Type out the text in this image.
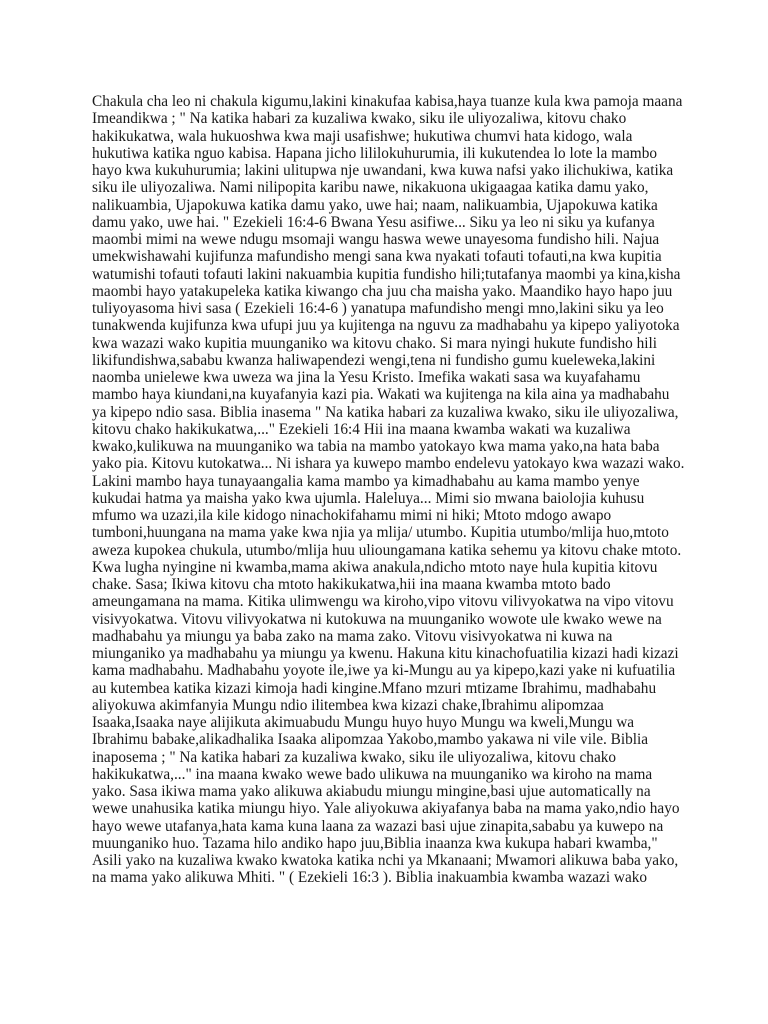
Chakula cha leo ni chakula kigumu,lakini kinakufaa kabisa,haya tuanze kula kwa pamoja maana
Imeandikwa ; " Na katika habari za kuzaliwa kwako, siku ile uliyozaliwa, kitovu chako
hakikukatwa, wala hukuoshwa kwa maji usafishwe; hukutiwa chumvi hata kidogo, wala
hukutiwa katika nguo kabisa. Hapana jicho lililokuhurumia, ili kukutendea lo lote la mambo
hayo kwa kukuhurumia; lakini ulitupwa nje uwandani, kwa kuwa nafsi yako ilichukiwa, katika
siku ile uliyozaliwa. Nami nilipopita karibu nawe, nikakuona ukigaagaa katika damu yako,
nalikuambia, Ujapokuwa katika damu yako, uwe hai; naam, nalikuambia, Ujapokuwa katika
damu yako, uwe hai. " Ezekieli 16:4-6 Bwana Yesu asifiwe... Siku ya leo ni siku ya kufanya
maombi mimi na wewe ndugu msomaji wangu haswa wewe unayesoma fundisho hili. Najua
umekwishawahi kujifunza mafundisho mengi sana kwa nyakati tofauti tofauti,na kwa kupitia
watumishi tofauti tofauti lakini nakuambia kupitia fundisho hili;tutafanya maombi ya kina,kisha
maombi hayo yatakupeleka katika kiwango cha juu cha maisha yako. Maandiko hayo hapo juu
tuliyoyasoma hivi sasa ( Ezekieli 16:4-6 ) yanatupa mafundisho mengi mno,lakini siku ya leo
tunakwenda kujifunza kwa ufupi juu ya kujitenga na nguvu za madhabahu ya kipepo yaliyotoka
kwa wazazi wako kupitia muunganiko wa kitovu chako. Si mara nyingi hukute fundisho hili
likifundishwa,sababu kwanza haliwapendezi wengi,tena ni fundisho gumu kueleweka,lakini
naomba unielewe kwa uweza wa jina la Yesu Kristo. Imefika wakati sasa wa kuyafahamu
mambo haya kiundani,na kuyafanyia kazi pia. Wakati wa kujitenga na kila aina ya madhabahu
ya kipepo ndio sasa. Biblia inasema " Na katika habari za kuzaliwa kwako, siku ile uliyozaliwa,
kitovu chako hakikukatwa,..." Ezekieli 16:4 Hii ina maana kwamba wakati wa kuzaliwa
kwako,kulikuwa na muunganiko wa tabia na mambo yatokayo kwa mama yako,na hata baba
yako pia. Kitovu kutokatwa... Ni ishara ya kuwepo mambo endelevu yatokayo kwa wazazi wako.
Lakini mambo haya tunayaangalia kama mambo ya kimadhabahu au kama mambo yenye
kukudai hatma ya maisha yako kwa ujumla. Haleluya... Mimi sio mwana baiolojia kuhusu
mfumo wa uzazi,ila kile kidogo ninachokifahamu mimi ni hiki; Mtoto mdogo awapo
tumboni,huungana na mama yake kwa njia ya mlija/ utumbo. Kupitia utumbo/mlija huo,mtoto
aweza kupokea chukula, utumbo/mlija huu ulioungamana katika sehemu ya kitovu chake mtoto.
Kwa lugha nyingine ni kwamba,mama akiwa anakula,ndicho mtoto naye hula kupitia kitovu
chake. Sasa; Ikiwa kitovu cha mtoto hakikukatwa,hii ina maana kwamba mtoto bado
ameungamana na mama. Kitika ulimwengu wa kiroho,vipo vitovu vilivyokatwa na vipo vitovu
visivyokatwa. Vitovu vilivyokatwa ni kutokuwa na muunganiko wowote ule kwako wewe na
madhabahu ya miungu ya baba zako na mama zako. Vitovu visivyokatwa ni kuwa na
miunganiko ya madhabahu ya miungu ya kwenu. Hakuna kitu kinachofuatilia kizazi hadi kizazi
kama madhabahu. Madhabahu yoyote ile,iwe ya ki-Mungu au ya kipepo,kazi yake ni kufuatilia
au kutembea katika kizazi kimoja hadi kingine.Mfano mzuri mtizame Ibrahimu, madhabahu
aliyokuwa akimfanyia Mungu ndio ilitembea kwa kizazi chake,Ibrahimu alipomzaa
Isaaka,Isaaka naye alijikuta akimuabudu Mungu huyo huyo Mungu wa kweli,Mungu wa
Ibrahimu babake,alikadhalika Isaaka alipomzaa Yakobo,mambo yakawa ni vile vile. Biblia
inaposema ; " Na katika habari za kuzaliwa kwako, siku ile uliyozaliwa, kitovu chako
hakikukatwa,..." ina maana kwako wewe bado ulikuwa na muunganiko wa kiroho na mama
yako. Sasa ikiwa mama yako alikuwa akiabudu miungu mingine,basi ujue automatically na
wewe unahusika katika miungu hiyo. Yale aliyokuwa akiyafanya baba na mama yako,ndio hayo
hayo wewe utafanya,hata kama kuna laana za wazazi basi ujue zinapita,sababu ya kuwepo na
muunganiko huo. Tazama hilo andiko hapo juu,Biblia inaanza kwa kukupa habari kwamba,"
Asili yako na kuzaliwa kwako kwatoka katika nchi ya Mkanaani; Mwamori alikuwa baba yako,
na mama yako alikuwa Mhiti. " ( Ezekieli 16:3 ). Biblia inakuambia kwamba wazazi wako
